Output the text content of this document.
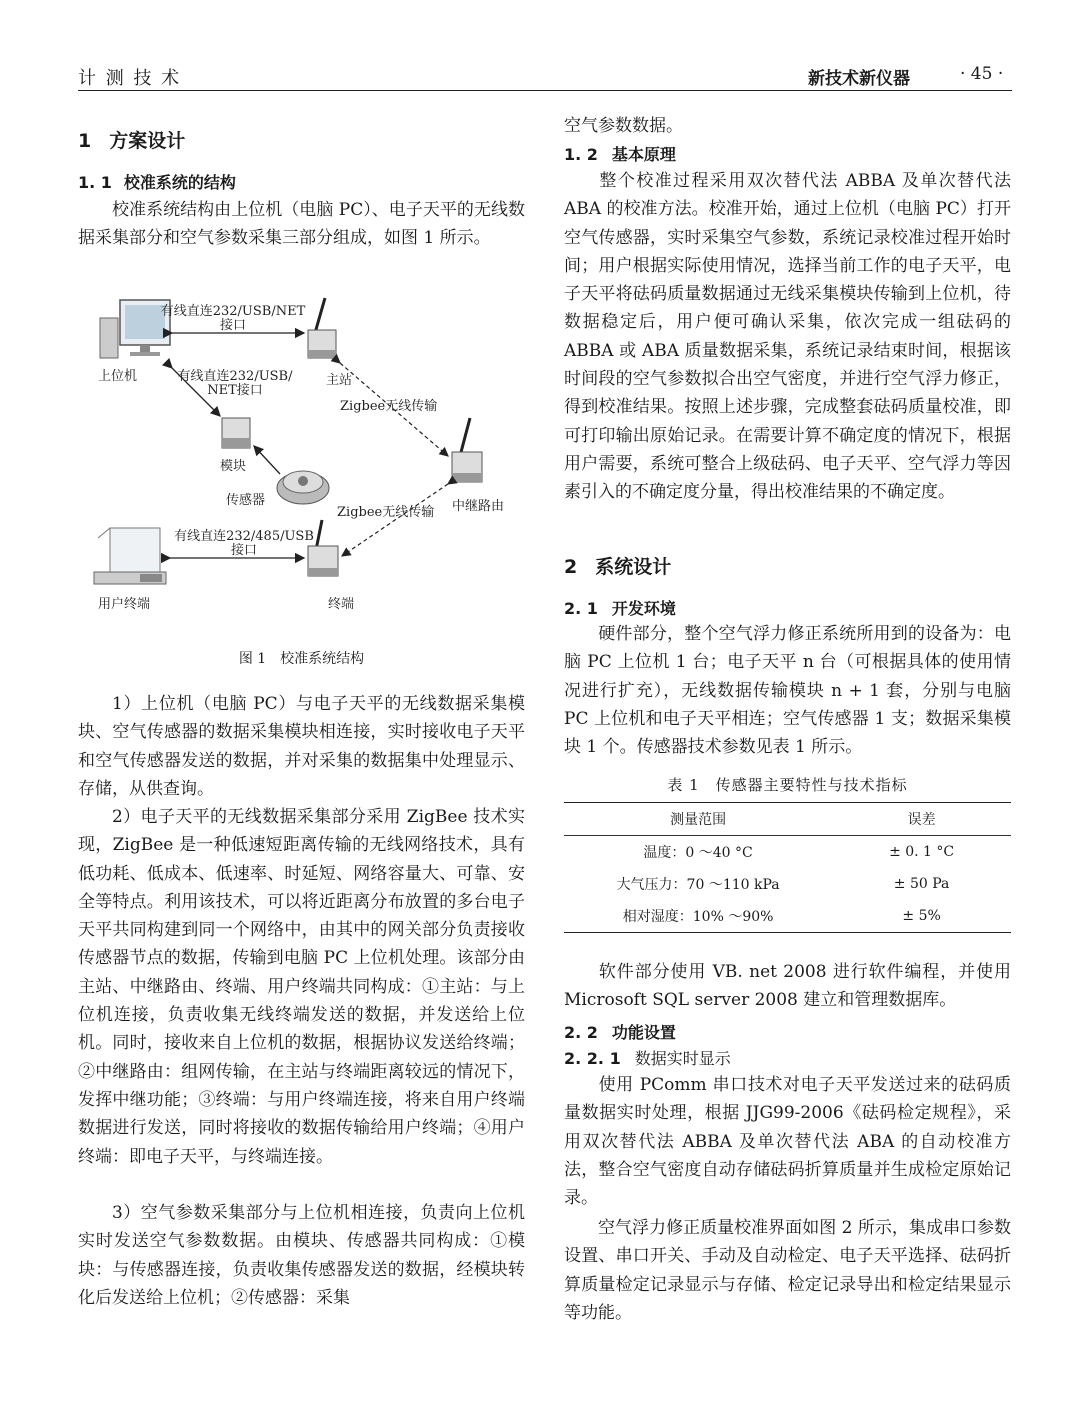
计 测 技 术	新技术新仪器	· 45 ·
1 方案设计
1. 1 校准系统的结构

校准系统结构由上位机（电脑 PC）、电子天平的无线数据采集部分和空气参数采集三部分组成，如图 1 所示。

有线直连232/USB/NET
接口
有线直连232/USB/
NET接口
上位机	主站
Zigbee无线传输
模块
传感器	中继路由
Zigbee无线传输
有线直连232/485/USB
接口
用户终端	终端
图 1　校准系统结构

1）上位机（电脑 PC）与电子天平的无线数据采集模块、空气传感器的数据采集模块相连接，实时接收电子天平和空气传感器发送的数据，并对采集的数据集中处理显示、存储，从供查询。

2）电子天平的无线数据采集部分采用 ZigBee 技术实现，ZigBee 是一种低速短距离传输的无线网络技术，具有低功耗、低成本、低速率、时延短、网络容量大、可靠、安全等特点。利用该技术，可以将近距离分布放置的多台电子天平共同构建到同一个网络中，由其中的网关部分负责接收传感器节点的数据，传输到电脑 PC 上位机处理。该部分由主站、中继路由、终端、用户终端共同构成：①主站：与上位机连接，负责收集无线终端发送的数据，并发送给上位机。同时，接收来自上位机的数据，根据协议发送给终端；②中继路由：组网传输，在主站与终端距离较远的情况下，发挥中继功能；③终端：与用户终端连接，将来自用户终端数据进行发送，同时将接收的数据传输给用户终端；④用户终端：即电子天平，与终端连接。

3）空气参数采集部分与上位机相连接，负责向上位机实时发送空气参数数据。由模块、传感器共同构成：①模块：与传感器连接，负责收集传感器发送的数据，经模块转化后发送给上位机；②传感器：采集

空气参数数据。

1. 2 基本原理

整个校准过程采用双次替代法 ABBA 及单次替代法 ABA 的校准方法。校准开始，通过上位机（电脑 PC）打开空气传感器，实时采集空气参数，系统记录校准过程开始时间；用户根据实际使用情况，选择当前工作的电子天平，电子天平将砝码质量数据通过无线采集模块传输到上位机，待数据稳定后，用户便可确认采集，依次完成一组砝码的 ABBA 或 ABA 质量数据采集，系统记录结束时间，根据该时间段的空气参数拟合出空气密度，并进行空气浮力修正，得到校准结果。按照上述步骤，完成整套砝码质量校准，即可打印输出原始记录。在需要计算不确定度的情况下，根据用户需要，系统可整合上级砝码、电子天平、空气浮力等因素引入的不确定度分量，得出校准结果的不确定度。

2 系统设计
2. 1 开发环境

硬件部分，整个空气浮力修正系统所用到的设备为：电脑 PC 上位机 1 台；电子天平 n 台（可根据具体的使用情况进行扩充），无线数据传输模块 n + 1 套，分别与电脑 PC 上位机和电子天平相连；空气传感器 1 支；数据采集模块 1 个。传感器技术参数见表 1 所示。

表 1　传感器主要特性与技术指标
测量范围	误差
温度：0 ～40 °C	± 0. 1 °C
大气压力：70 ～110 kPa	± 50 Pa
相对湿度：10% ～90%	± 5%

软件部分使用 VB. net 2008 进行软件编程，并使用 Microsoft SQL server 2008 建立和管理数据库。

2. 2 功能设置
2. 2. 1 数据实时显示

使用 PComm 串口技术对电子天平发送过来的砝码质量数据实时处理，根据 JJG99-2006《砝码检定规程》，采用双次替代法 ABBA 及单次替代法 ABA 的自动校准方法，整合空气密度自动存储砝码折算质量并生成检定原始记录。

空气浮力修正质量校准界面如图 2 所示，集成串口参数设置、串口开关、手动及自动检定、电子天平选择、砝码折算质量检定记录显示与存储、检定记录导出和检定结果显示等功能。
